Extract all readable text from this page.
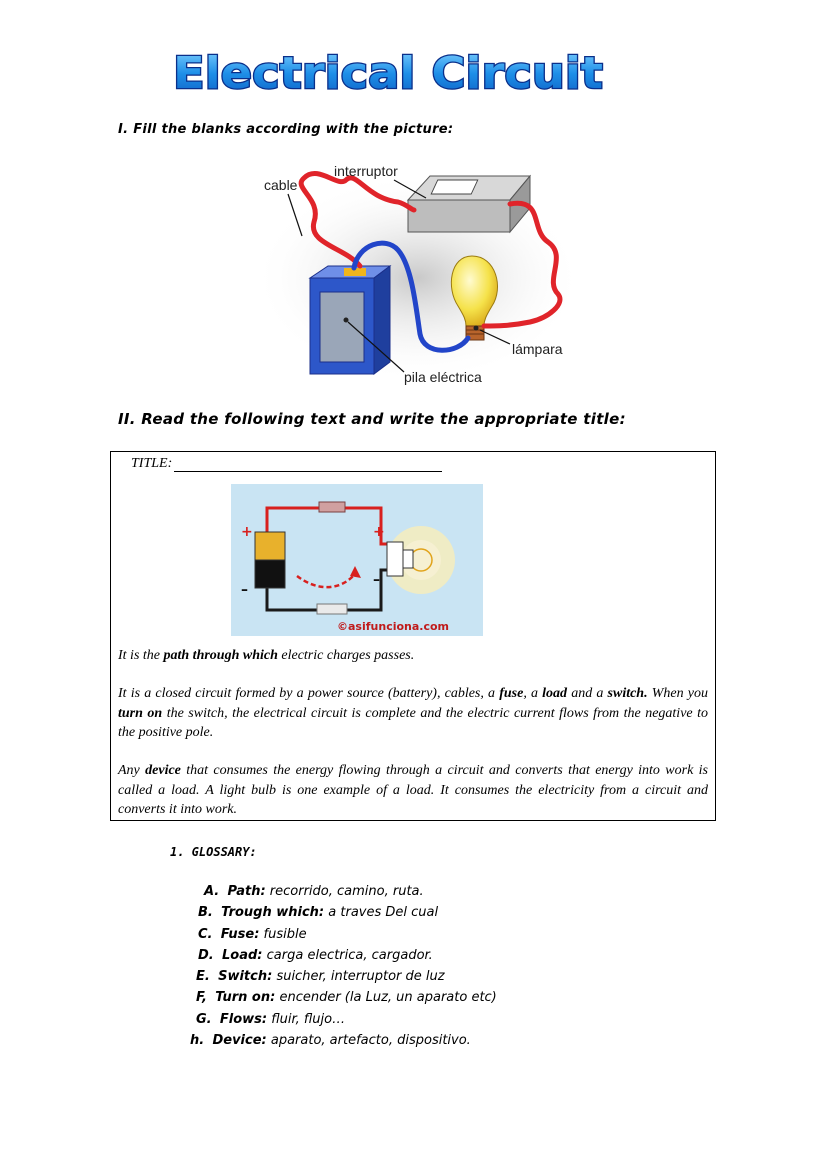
Electrical Circuit
I. Fill the blanks according with the picture:
cable
interruptor
lámpara
pila eléctrica
II. Read the following text and write the appropriate title:
TITLE:
+	+
–
–
©asifunciona.com
It is the path through which electric charges passes.
It is a closed circuit formed by a power source (battery), cables, a fuse, a load and a switch. When you turn on the switch, the electrical circuit is complete and the electric current flows from the negative to the positive pole.
Any device that consumes the energy flowing through a circuit and converts that energy into work is called a load. A light bulb is one example of a load. It consumes the electricity from a circuit and converts it into work.
1. GLOSSARY:
A. Path: recorrido, camino, ruta.
B. Trough which: a traves Del cual
C. Fuse: fusible
D. Load: carga electrica, cargador.
E. Switch: suicher, interruptor de luz
F, Turn on: encender (la Luz, un aparato etc)
G. Flows: fluir, flujo…
h. Device: aparato, artefacto, dispositivo.
